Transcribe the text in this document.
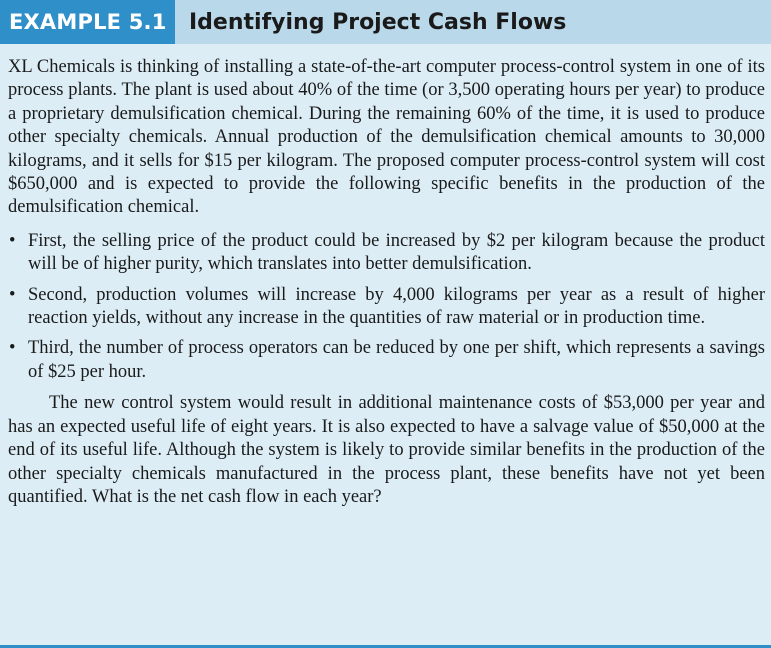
EXAMPLE 5.1	Identifying Project Cash Flows

XL Chemicals is thinking of installing a state-of-the-art computer process-control system in one of its process plants. The plant is used about 40% of the time (or 3,500 operating hours per year) to produce a proprietary demulsification chemical. During the remaining 60% of the time, it is used to produce other specialty chemicals. Annual production of the demulsification chemical amounts to 30,000 kilograms, and it sells for $15 per kilogram. The proposed computer process-control system will cost $650,000 and is expected to provide the following specific benefits in the production of the demulsification chemical.

• First, the selling price of the product could be increased by $2 per kilogram because the product will be of higher purity, which translates into better demulsification.
• Second, production volumes will increase by 4,000 kilograms per year as a result of higher reaction yields, without any increase in the quantities of raw material or in production time.
• Third, the number of process operators can be reduced by one per shift, which represents a savings of $25 per hour.

The new control system would result in additional maintenance costs of $53,000 per year and has an expected useful life of eight years. It is also expected to have a salvage value of $50,000 at the end of its useful life. Although the system is likely to provide similar benefits in the production of the other specialty chemicals manufactured in the process plant, these benefits have not yet been quantified. What is the net cash flow in each year?
